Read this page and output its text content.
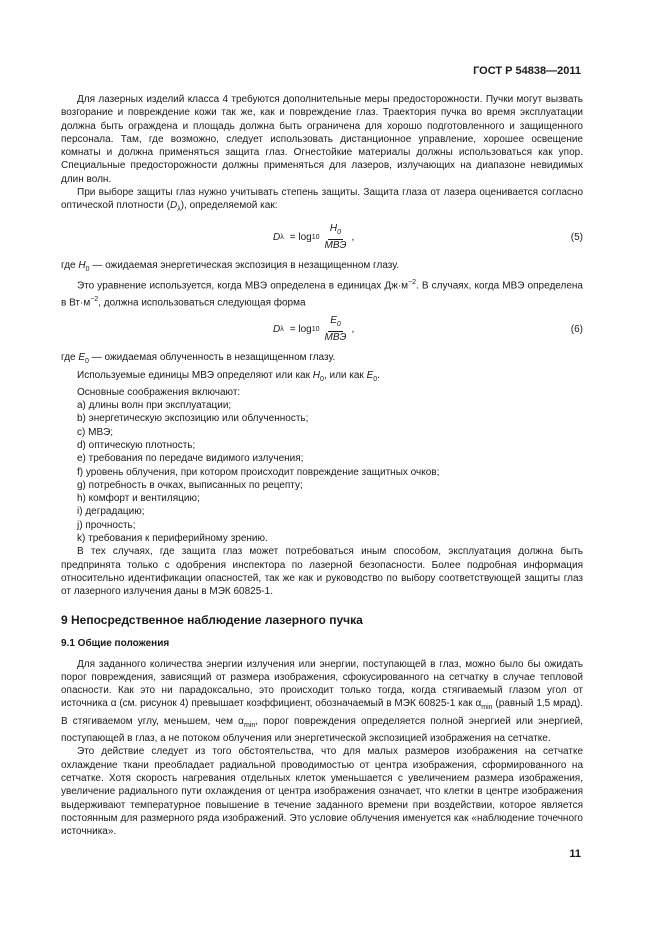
ГОСТ Р 54838—2011

Для лазерных изделий класса 4 требуются дополнительные меры предосторожности. Пучки могут вызвать возгорание и повреждение кожи так же, как и повреждение глаз. Траектория пучка во время эксплуатации должна быть ограждена и площадь должна быть ограничена для хорошо подготовленного и защищенного персонала. Там, где возможно, следует использовать дистанционное управление, хорошее освещение комнаты и должна применяться защита глаз. Огнестойкие материалы должны использоваться как упор. Специальные предосторожности должны применяться для лазеров, излучающих на диапазоне невидимых длин волн.

При выборе защиты глаз нужно учитывать степень защиты. Защита глаза от лазера оценивается согласно оптической плотности $(D_\lambda)$, определяемой как:

D $\lambda = \log 10 \frac{H_0}{\text{МВЭ}}$ ,	(5)

где $H_0$ — ожидаемая энергетическая экспозиция в незащищенном глазу.

Это уравнение используется, когда МВЭ определена в единицах $Дж\cdot м^{-2}$. В случаях, когда МВЭ определена в $Вт\cdot м^{-2}$, должна использоваться следующая форма

D $\lambda = \log 10 \frac{E_0}{\text{МВЭ}}$ ,	(6)

где $E_0$ — ожидаемая облученность в незащищенном глазу.

Используемые единицы МВЭ определяют или как $H_0$, или как $E_0$.

Основные соображения включают:

a) длины волн при эксплуатации;

b) энергетическую экспозицию или облученность;

c) МВЭ;

d) оптическую плотность;

e) требования по передаче видимого излучения;

f) уровень облучения, при котором происходит повреждение защитных очков;

g) потребность в очках, выписанных по рецепту;

h) комфорт и вентиляцию;

i) деградацию;

j) прочность;

k) требования к периферийному зрению.

В тех случаях, где защита глаз может потребоваться иным способом, эксплуатация должна быть предпринята только с одобрения инспектора по лазерной безопасности. Более подробная информация относительно идентификации опасностей, так же как и руководство по выбору соответствующей защиты глаз от лазерного излучения даны в МЭК 60825-1.

9 Непосредственное наблюдение лазерного пучка
9.1 Общие положения

Для заданного количества энергии излучения или энергии, поступающей в глаз, можно было бы ожидать порог повреждения, зависящий от размера изображения, сфокусированного на сетчатку в случае тепловой опасности. Как это ни парадоксально, это происходит только тогда, когда стягиваемый глазом угол от источника α (см. рисунок 4) превышает коэффициент, обозначаемый в МЭК 60825-1 как $\alpha_{min}$ (равный 1,5 мрад). В стягиваемом углу, меньшем, чем $\alpha_{min}$, порог повреждения определяется полной энергией или энергией, поступающей в глаз, а не потоком облучения или энергетической экспозицией изображения на сетчатке.

Это действие следует из того обстоятельства, что для малых размеров изображения на сетчатке охлаждение ткани преобладает радиальной проводимостью от центра изображения, сформированного на сетчатке. Хотя скорость нагревания отдельных клеток уменьшается с увеличением размера изображения, увеличение радиального пути охлаждения от центра изображения означает, что клетки в центре изображения выдерживают температурное повышение в течение заданного времени при воздействии, которое является постоянным для размерного ряда изображений. Это условие облучения именуется как «наблюдение точечного источника».

11
